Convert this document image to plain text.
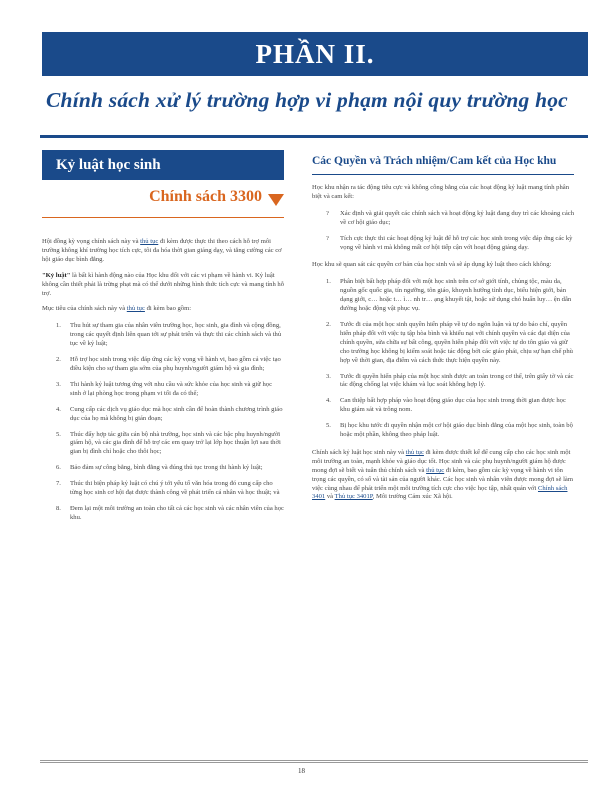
PHẦN II.
Chính sách xử lý trường hợp vi phạm nội quy trường học
Kỷ luật học sinh
Chính sách 3300

Hội đồng kỳ vọng chính sách này và thủ tục đi kèm được thực thi theo cách hỗ trợ môi trường không khí trường học tích cực, tôi đa hóa thời gian giảng dạy, và tăng cường các cơ hội giáo dục bình đẳng.

"Kỷ luật" là bất kì hành động nào của Học khu đối với các vi phạm về hành vi. Kỷ luật không cần thiết phải là trừng phạt mà có thể dưới những hình thức tích cực và mang tính hỗ trợ.

Mục tiêu của chính sách này và thủ tục đi kèm bao gồm:

1.	Thu hút sự tham gia của nhân viên trường học, học sinh, gia đình và cộng đồng, trong các quyết định liên quan tới sự phát triển và thực thi các chính sách và thủ tục về kỷ luật;
2.	Hỗ trợ học sinh trong việc đáp ứng các kỳ vọng về hành vi, bao gồm cả việc tạo điều kiện cho sự tham gia sớm của phụ huynh/người giám hộ và gia đình;
3.	Thi hành kỷ luật tương ứng với nhu cầu và sức khỏe của học sinh và giữ học sinh ở lại phòng học trong phạm vi tối đa có thể;
4.	Cung cấp các dịch vụ giáo dục mà học sinh cần để hoàn thành chương trình giáo dục của họ mà không bị gián đoạn;
5.	Thúc đẩy hợp tác giữa cán bộ nhà trường, học sinh và các bậc phụ huynh/người giám hộ, và các gia đình để hỗ trợ các em quay trở lại lớp học thuận lợi sau thời gian bị đình chỉ hoặc cho thôi học;
6.	Bảo đảm sự công bằng, bình đẳng và đúng thủ tục trong thi hành kỷ luật;
7.	Thúc thi biện pháp kỷ luật có chú ý tới yếu tố văn hóa trong đó cung cấp cho từng học sinh cơ hội đạt được thành công về phát triển cá nhân và học thuật; và
8.	Đem lại một môi trường an toàn cho tất cả các học sinh và các nhân viên của học khu.
Các Quyền và Trách nhiệm/Cam kết của Học khu

Học khu nhận ra tác động tiêu cực và không công bằng của các hoạt động kỷ luật mang tính phân biệt và cam kết:

?	Xác định và giải quyết các chính sách và hoạt động kỷ luật đang duy trì các khoảng cách về cơ hội giáo dục;
?	Tích cực thực thi các hoạt động kỷ luật để hỗ trợ các học sinh trong việc đáp ứng các kỳ vọng về hành vi mà không mất cơ hội tiếp cận với hoạt động giảng dạy.

Học khu sẽ quan sát các quyền cơ bản của học sinh và sẽ áp dụng kỷ luật theo cách không:

1.	Phân biệt bất hợp pháp đối với một học sinh trên cơ sở giới tính, chủng tộc, màu da, nguồn gốc quốc gia, tín ngưỡng, tôn giáo, khuynh hướng tình dục, biểu hiện giới, bản dạng giới, c… hoặc t… ì… nh tr… ạng khuyết tật, hoặc sử dụng chó huấn luy… ện dẫn đường hoặc động vật phục vụ.
2.	Tước đi của một học sinh quyền hiến pháp về tự do ngôn luận và tự do báo chí, quyền hiến pháp đối với việc tụ tập hòa bình và khiếu nại với chính quyền và các đại diện của chính quyền, sửa chữa sự bất công, quyền hiến pháp đối với việc tự do tôn giáo và giữ cho trường học không bị kiểm soát hoặc tác động bởi các giáo phái, chịu sự hạn chế phù hợp về thời gian, địa điểm và cách thức thực hiện quyền này.
3.	Tước đi quyền hiến pháp của một học sinh được an toàn trong cơ thể, trên giấy tờ và các tác động chống lại việc khám và lục soát không hợp lý.
4.	Can thiệp bất hợp pháp vào hoạt động giáo dục của học sinh trong thời gian được học khu giám sát và trông nom.
5.	Bị học khu tước đi quyền nhận một cơ hội giáo dục bình đẳng của một học sinh, toàn bộ hoặc một phần, không theo pháp luật.

Chính sách kỷ luật học sinh này và thủ tục đi kèm được thiết kế để cung cấp cho các học sinh một môi trường an toàn, mạnh khỏe và giáo dục tốt. Học sinh và các phụ huynh/người giám hộ được mong đợi sẽ biết và tuân thủ chính sách và thủ tục đi kèm, bao gồm các kỳ vọng về hành vi tôn trọng các quyền, có số và tài sản của người khác. Các học sinh và nhân viên được mong đợi sẽ làm việc cùng nhau để phát triển một môi trường tích cực cho việc học tập, nhất quán với Chính sách 3401 và Thủ tục 3401P, Môi trường Cảm xúc Xã hội.

18
